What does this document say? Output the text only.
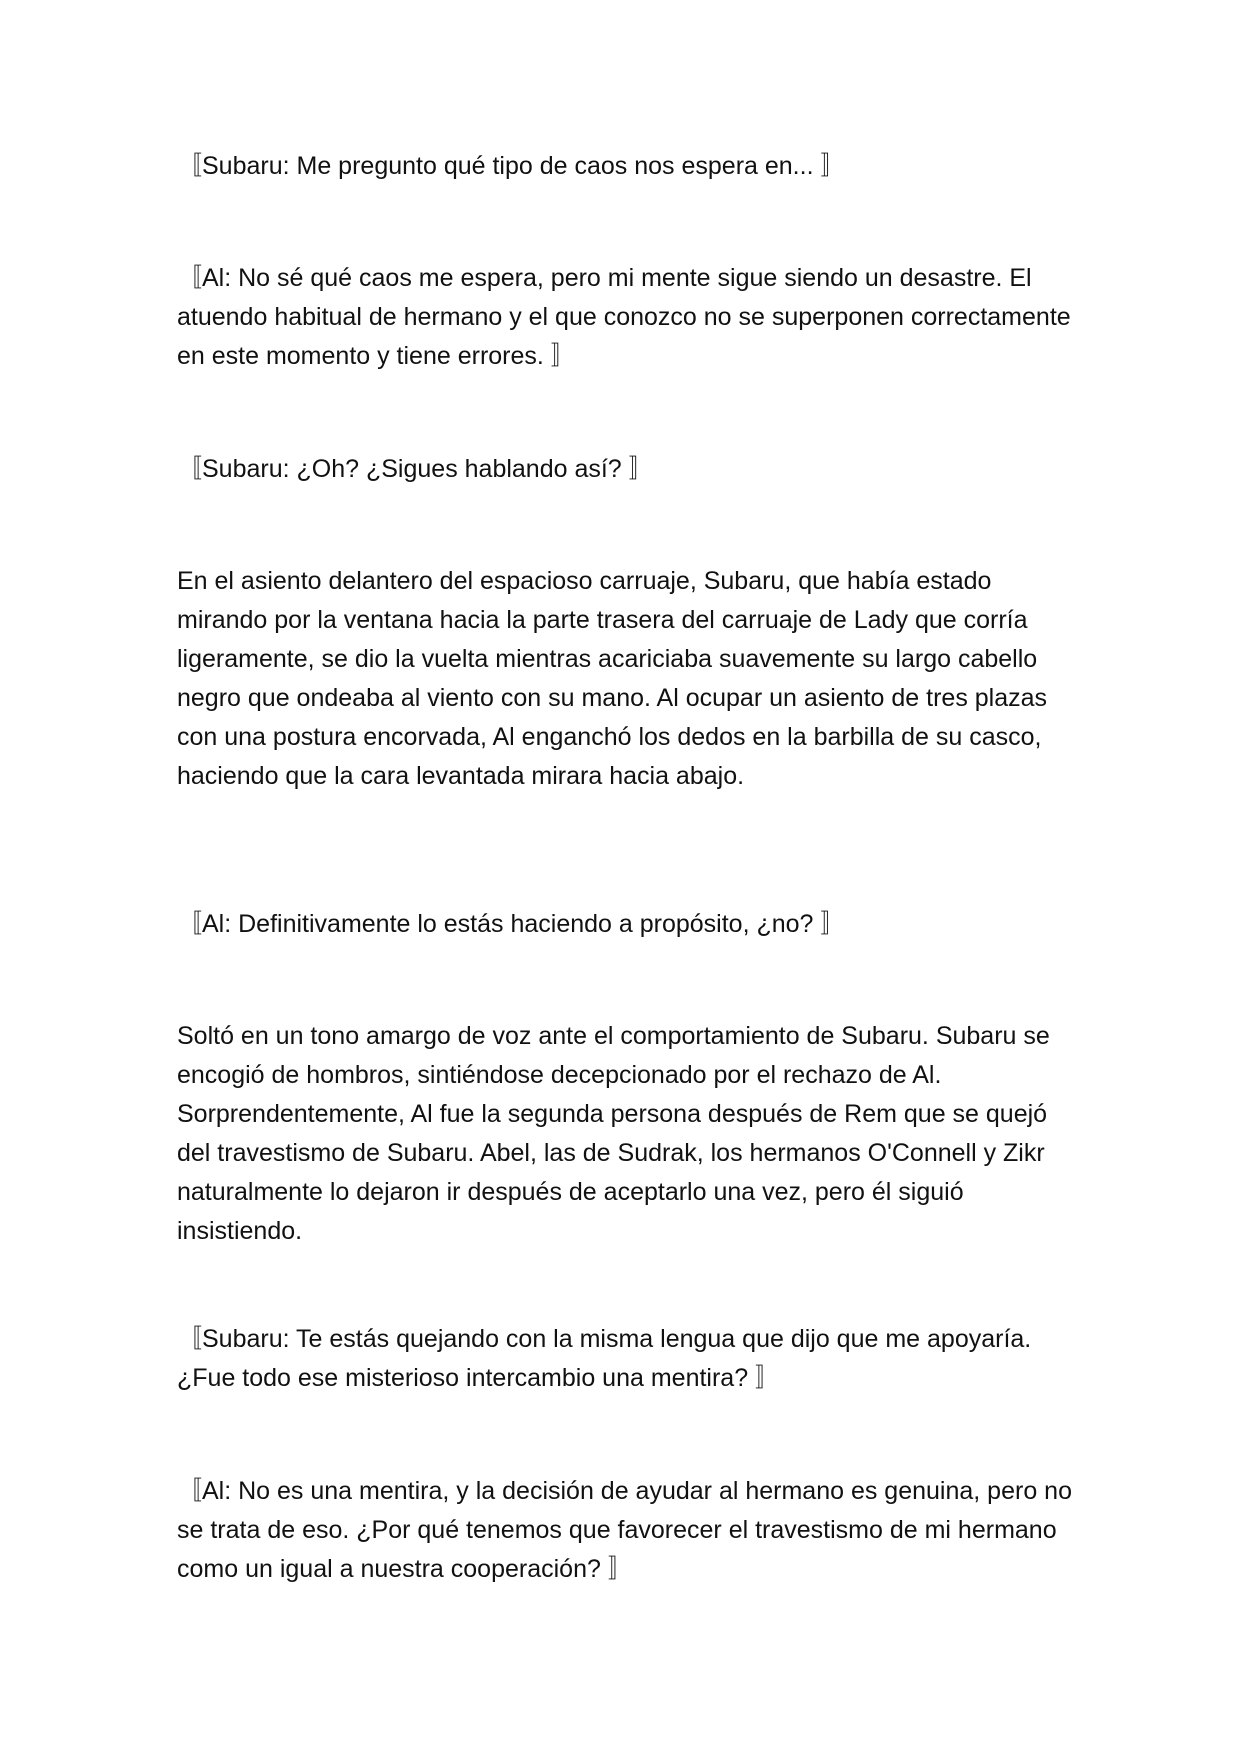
〚Subaru: Me pregunto qué tipo de caos nos espera en... 〛

〚Al: No sé qué caos me espera, pero mi mente sigue siendo un desastre. El atuendo habitual de hermano y el que conozco no se superponen correctamente en este momento y tiene errores. 〛

〚Subaru: ¿Oh? ¿Sigues hablando así? 〛

En el asiento delantero del espacioso carruaje, Subaru, que había estado mirando por la ventana hacia la parte trasera del carruaje de Lady que corría ligeramente, se dio la vuelta mientras acariciaba suavemente su largo cabello negro que ondeaba al viento con su mano. Al ocupar un asiento de tres plazas con una postura encorvada, Al enganchó los dedos en la barbilla de su casco, haciendo que la cara levantada mirara hacia abajo.

〚Al: Definitivamente lo estás haciendo a propósito, ¿no? 〛

Soltó en un tono amargo de voz ante el comportamiento de Subaru. Subaru se encogió de hombros, sintiéndose decepcionado por el rechazo de Al. Sorprendentemente, Al fue la segunda persona después de Rem que se quejó del travestismo de Subaru. Abel, las de Sudrak, los hermanos O'Connell y Zikr naturalmente lo dejaron ir después de aceptarlo una vez, pero él siguió insistiendo.

〚Subaru: Te estás quejando con la misma lengua que dijo que me apoyaría. ¿Fue todo ese misterioso intercambio una mentira? 〛

〚Al: No es una mentira, y la decisión de ayudar al hermano es genuina, pero no se trata de eso. ¿Por qué tenemos que favorecer el travestismo de mi hermano como un igual a nuestra cooperación? 〛
